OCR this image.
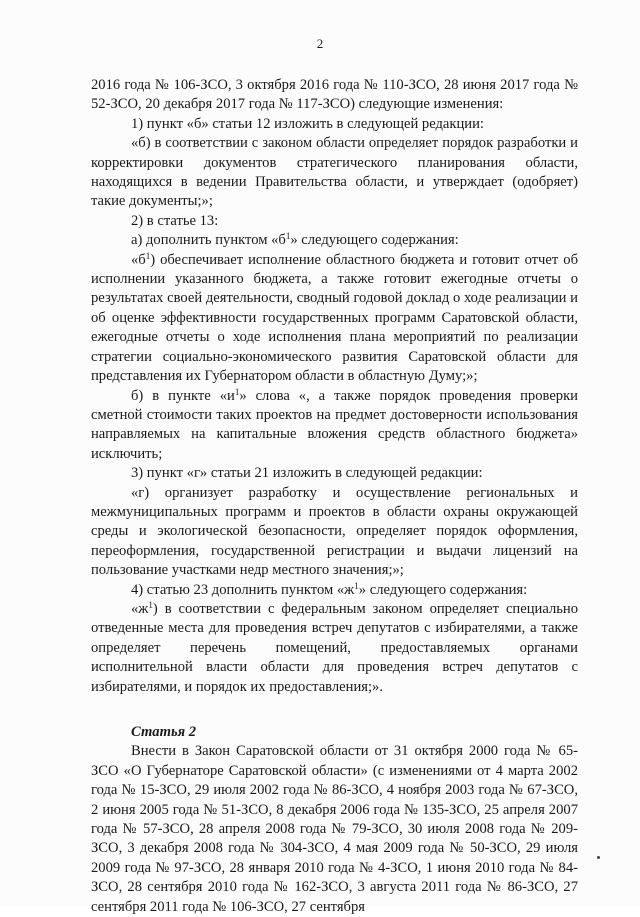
2
2016 года № 106-ЗСО, 3 октября 2016 года № 110-ЗСО, 28 июня 2017 года № 52-ЗСО, 20 декабря 2017 года № 117-ЗСО) следующие изменения:
1) пункт «б» статьи 12 изложить в следующей редакции:
«б) в соответствии с законом области определяет порядок разработки и корректировки документов стратегического планирования области, находящихся в ведении Правительства области, и утверждает (одобряет) такие документы;»;
2) в статье 13:
а) дополнить пунктом «$б^1$» следующего содержания:
«$б^1$) обеспечивает исполнение областного бюджета и готовит отчет об исполнении указанного бюджета, а также готовит ежегодные отчеты о результатах своей деятельности, сводный годовой доклад о ходе реализации и об оценке эффективности государственных программ Саратовской области, ежегодные отчеты о ходе исполнения плана мероприятий по реализации стратегии социально-экономического развития Саратовской области для представления их Губернатором области в областную Думу;»;
б) в пункте «$и^1$» слова «, а также порядок проведения проверки сметной стоимости таких проектов на предмет достоверности использования направляемых на капитальные вложения средств областного бюджета» исключить;
3) пункт «г» статьи 21 изложить в следующей редакции:
«г) организует разработку и осуществление региональных и межмуниципальных программ и проектов в области охраны окружающей среды и экологической безопасности, определяет порядок оформления, переоформления, государственной регистрации и выдачи лицензий на пользование участками недр местного значения;»;
4) статью 23 дополнить пунктом «$ж^1$» следующего содержания:
«$ж^1$) в соответствии с федеральным законом определяет специально отведенные места для проведения встреч депутатов с избирателями, а также определяет перечень помещений, предоставляемых органами исполнительной власти области для проведения встреч депутатов с избирателями, и порядок их предоставления;».
Статья 2
Внести в Закон Саратовской области от 31 октября 2000 года № 65-ЗСО «О Губернаторе Саратовской области» (с изменениями от 4 марта 2002 года № 15-ЗСО, 29 июля 2002 года № 86-ЗСО, 4 ноября 2003 года № 67-ЗСО, 2 июня 2005 года № 51-ЗСО, 8 декабря 2006 года № 135-ЗСО, 25 апреля 2007 года № 57-ЗСО, 28 апреля 2008 года № 79-ЗСО, 30 июля 2008 года № 209-ЗСО, 3 декабря 2008 года № 304-ЗСО, 4 мая 2009 года № 50-ЗСО, 29 июля 2009 года № 97-ЗСО, 28 января 2010 года № 4-ЗСО, 1 июня 2010 года № 84-ЗСО, 28 сентября 2010 года № 162-ЗСО, 3 августа 2011 года № 86-ЗСО, 27 сентября 2011 года № 106-ЗСО, 27 сентября
